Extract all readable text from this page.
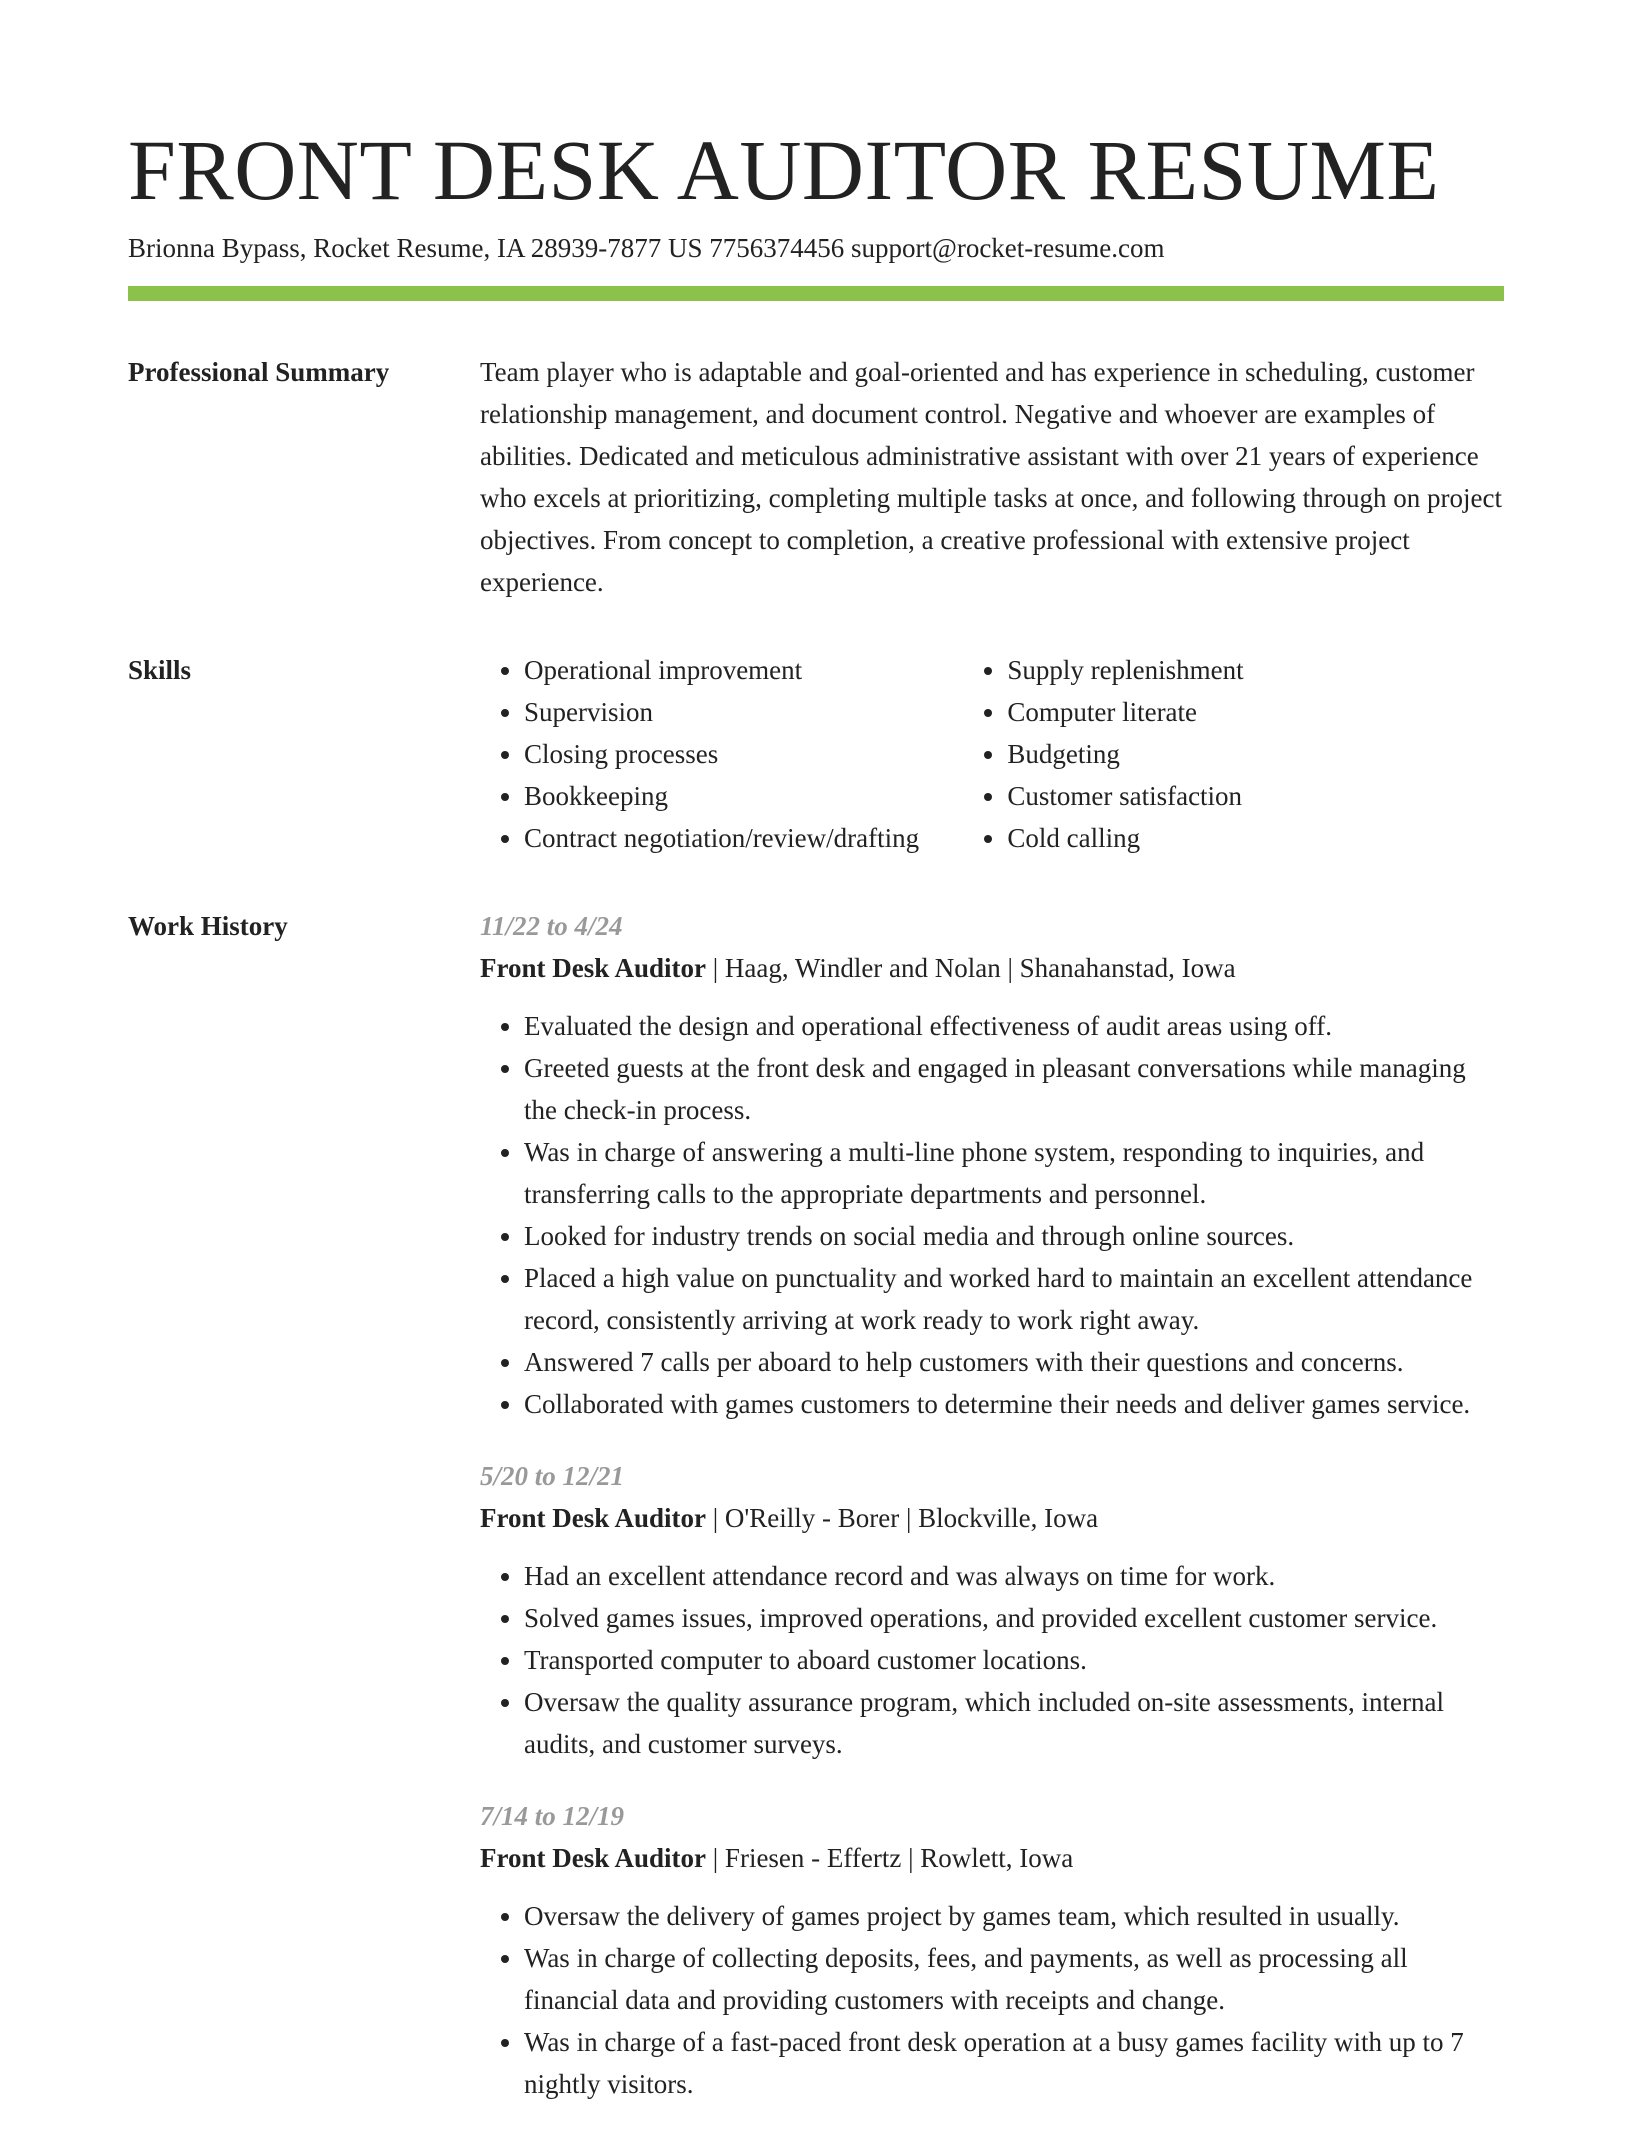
FRONT DESK AUDITOR RESUME
Brionna Bypass, Rocket Resume, IA 28939-7877 US 7756374456 support@rocket-resume.com
Professional Summary	Team player who is adaptable and goal-oriented and has experience in scheduling, customer relationship management, and document control. Negative and whoever are examples of abilities. Dedicated and meticulous administrative assistant with over 21 years of experience who excels at prioritizing, completing multiple tasks at once, and following through on project objectives. From concept to completion, a creative professional with extensive project experience.

Skills
•	Operational improvement
• Supervision
• Closing processes
• Bookkeeping
• Contract negotiation/review/drafting
• Supply replenishment
• Computer literate
• Budgeting
• Customer satisfaction
• Cold calling
Work History	11/22 to 4/24
Front Desk Auditor | Haag, Windler and Nolan | Shanahanstad, Iowa
• Evaluated the design and operational effectiveness of audit areas using off.
• Greeted guests at the front desk and engaged in pleasant conversations while managing the check-in process.
• Was in charge of answering a multi-line phone system, responding to inquiries, and transferring calls to the appropriate departments and personnel.
• Looked for industry trends on social media and through online sources.
• Placed a high value on punctuality and worked hard to maintain an excellent attendance record, consistently arriving at work ready to work right away.
• Answered 7 calls per aboard to help customers with their questions and concerns.
• Collaborated with games customers to determine their needs and deliver games service.
5/20 to 12/21
Front Desk Auditor | O'Reilly - Borer | Blockville, Iowa
• Had an excellent attendance record and was always on time for work.
• Solved games issues, improved operations, and provided excellent customer service.
• Transported computer to aboard customer locations.
• Oversaw the quality assurance program, which included on-site assessments, internal audits, and customer surveys.
7/14 to 12/19
Front Desk Auditor | Friesen - Effertz | Rowlett, Iowa
• Oversaw the delivery of games project by games team, which resulted in usually.
• Was in charge of collecting deposits, fees, and payments, as well as processing all financial data and providing customers with receipts and change.
• Was in charge of a fast-paced front desk operation at a busy games facility with up to 7 nightly visitors.
